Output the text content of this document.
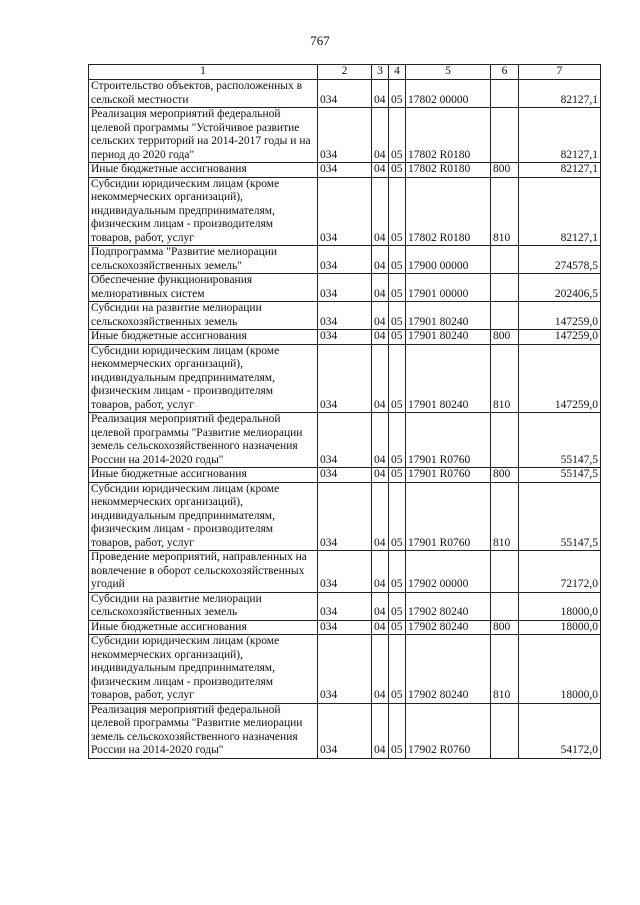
767
1	2	3	4	5	6	7
Строительство объектов, расположенных в сельской местности	034	04	05	17802 00000		82127,1
Реализация мероприятий федеральной целевой программы "Устойчивое развитие сельских территорий на 2014-2017 годы и на период до 2020 года"	034	04	05	17802 R0180		82127,1
Иные бюджетные ассигнования	034	04	05	17802 R0180	800	82127,1
Субсидии юридическим лицам (кроме некоммерческих организаций), индивидуальным предпринимателям, физическим лицам - производителям товаров, работ, услуг	034	04	05	17802 R0180	810	82127,1
Подпрограмма "Развитие мелиорации сельскохозяйственных земель"	034	04	05	17900 00000		274578,5
Обеспечение функционирования мелиоративных систем	034	04	05	17901 00000		202406,5
Субсидии на развитие мелиорации сельскохозяйственных земель	034	04	05	17901 80240		147259,0
Иные бюджетные ассигнования	034	04	05	17901 80240	800	147259,0
Субсидии юридическим лицам (кроме некоммерческих организаций), индивидуальным предпринимателям, физическим лицам - производителям товаров, работ, услуг	034	04	05	17901 80240	810	147259,0
Реализация мероприятий федеральной целевой программы "Развитие мелиорации земель сельскохозяйственного назначения России на 2014-2020 годы"	034	04	05	17901 R0760		55147,5
Иные бюджетные ассигнования	034	04	05	17901 R0760	800	55147,5
Субсидии юридическим лицам (кроме некоммерческих организаций), индивидуальным предпринимателям, физическим лицам - производителям товаров, работ, услуг	034	04	05	17901 R0760	810	55147,5
Проведение мероприятий, направленных на вовлечение в оборот сельскохозяйственных угодий	034	04	05	17902 00000		72172,0
Субсидии на развитие мелиорации сельскохозяйственных земель	034	04	05	17902 80240		18000,0
Иные бюджетные ассигнования	034	04	05	17902 80240	800	18000,0
Субсидии юридическим лицам (кроме некоммерческих организаций), индивидуальным предпринимателям, физическим лицам - производителям товаров, работ, услуг	034	04	05	17902 80240	810	18000,0
Реализация мероприятий федеральной целевой программы "Развитие мелиорации земель сельскохозяйственного назначения России на 2014-2020 годы"	034	04	05	17902 R0760		54172,0
